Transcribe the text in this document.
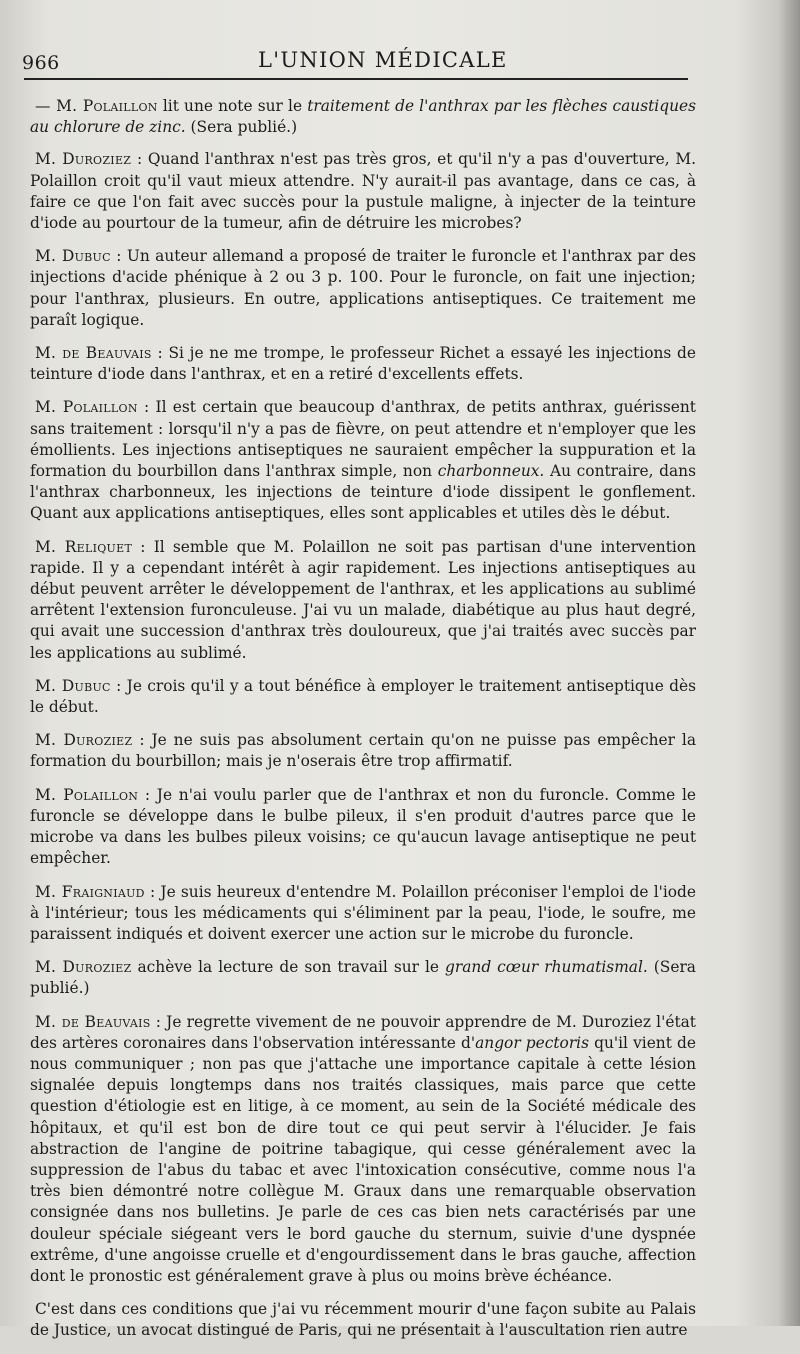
966	L'UNION MÉDICALE

— M. Polaillon lit une note sur le traitement de l'anthrax par les flèches caustiques au chlorure de zinc. (Sera publié.)

M. Duroziez : Quand l'anthrax n'est pas très gros, et qu'il n'y a pas d'ouverture, M. Polaillon croit qu'il vaut mieux attendre. N'y aurait-il pas avantage, dans ce cas, à faire ce que l'on fait avec succès pour la pustule maligne, à injecter de la teinture d'iode au pourtour de la tumeur, afin de détruire les microbes?

M. Dubuc : Un auteur allemand a proposé de traiter le furoncle et l'anthrax par des injections d'acide phénique à 2 ou 3 p. 100. Pour le furoncle, on fait une injection; pour l'anthrax, plusieurs. En outre, applications antiseptiques. Ce traitement me paraît logique.

M. de Beauvais : Si je ne me trompe, le professeur Richet a essayé les injections de teinture d'iode dans l'anthrax, et en a retiré d'excellents effets.

M. Polaillon : Il est certain que beaucoup d'anthrax, de petits anthrax, guérissent sans traitement : lorsqu'il n'y a pas de fièvre, on peut attendre et n'employer que les émollients. Les injections antiseptiques ne sauraient empêcher la suppuration et la formation du bourbillon dans l'anthrax simple, non charbonneux. Au contraire, dans l'anthrax charbonneux, les injections de teinture d'iode dissipent le gonflement. Quant aux applications antiseptiques, elles sont applicables et utiles dès le début.

M. Reliquet : Il semble que M. Polaillon ne soit pas partisan d'une intervention rapide. Il y a cependant intérêt à agir rapidement. Les injections antiseptiques au début peuvent arrêter le développement de l'anthrax, et les applications au sublimé arrêtent l'extension furonculeuse. J'ai vu un malade, diabétique au plus haut degré, qui avait une succession d'anthrax très douloureux, que j'ai traités avec succès par les applications au sublimé.

M. Dubuc : Je crois qu'il y a tout bénéfice à employer le traitement antiseptique dès le début.

M. Duroziez : Je ne suis pas absolument certain qu'on ne puisse pas empêcher la formation du bourbillon; mais je n'oserais être trop affirmatif.

M. Polaillon : Je n'ai voulu parler que de l'anthrax et non du furoncle. Comme le furoncle se développe dans le bulbe pileux, il s'en produit d'autres parce que le microbe va dans les bulbes pileux voisins; ce qu'aucun lavage antiseptique ne peut empêcher.

M. Fraigniaud : Je suis heureux d'entendre M. Polaillon préconiser l'emploi de l'iode à l'intérieur; tous les médicaments qui s'éliminent par la peau, l'iode, le soufre, me paraissent indiqués et doivent exercer une action sur le microbe du furoncle.

M. Duroziez achève la lecture de son travail sur le grand cœur rhumatismal. (Sera publié.)

M. de Beauvais : Je regrette vivement de ne pouvoir apprendre de M. Duroziez l'état des artères coronaires dans l'observation intéressante d'angor pectoris qu'il vient de nous communiquer ; non pas que j'attache une importance capitale à cette lésion signalée depuis longtemps dans nos traités classiques, mais parce que cette question d'étiologie est en litige, à ce moment, au sein de la Société médicale des hôpitaux, et qu'il est bon de dire tout ce qui peut servir à l'élucider. Je fais abstraction de l'angine de poitrine tabagique, qui cesse généralement avec la suppression de l'abus du tabac et avec l'intoxication consécutive, comme nous l'a très bien démontré notre collègue M. Graux dans une remarquable observation consignée dans nos bulletins. Je parle de ces cas bien nets caractérisés par une douleur spéciale siégeant vers le bord gauche du sternum, suivie d'une dyspnée extrême, d'une angoisse cruelle et d'engourdissement dans le bras gauche, affection dont le pronostic est généralement grave à plus ou moins brève échéance.

C'est dans ces conditions que j'ai vu récemment mourir d'une façon subite au Palais de Justice, un avocat distingué de Paris, qui ne présentait à l'auscultation rien autre
